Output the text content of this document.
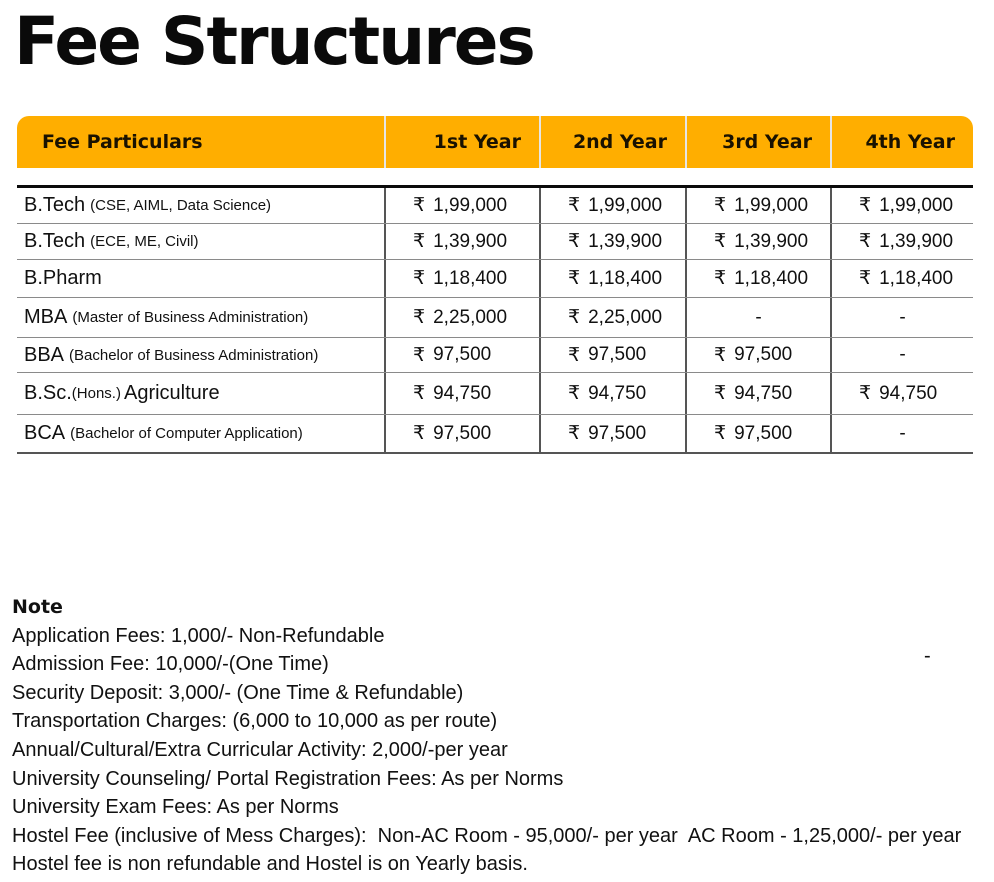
Fee Structures
Fee Particulars	1st Year	2nd Year	3rd Year	4th Year
B.Tech (CSE, AIML, Data Science)	₹ 1,99,000	₹ 1,99,000	₹ 1,99,000	₹ 1,99,000
B.Tech (ECE, ME, Civil)	₹ 1,39,900	₹ 1,39,900	₹ 1,39,900	₹ 1,39,900
B.Pharm	₹ 1,18,400	₹ 1,18,400	₹ 1,18,400	₹ 1,18,400
MBA (Master of Business Administration)	₹ 2,25,000	₹ 2,25,000	-	-
BBA (Bachelor of Business Administration)	₹ 97,500	₹ 97,500	₹ 97,500	-
B.Sc. (Hons.) Agriculture	₹ 94,750	₹ 94,750	₹ 94,750	₹ 94,750
BCA (Bachelor of Computer Application)	₹ 97,500	₹ 97,500	₹ 97,500	-
Note
Application Fees: 1,000/- Non-Refundable
Admission Fee: 10,000/-(One Time)
Security Deposit: 3,000/- (One Time & Refundable)
Transportation Charges: (6,000 to 10,000 as per route)
Annual/Cultural/Extra Curricular Activity: 2,000/-per year
University Counseling/ Portal Registration Fees: As per Norms
University Exam Fees: As per Norms
Hostel Fee (inclusive of Mess Charges):  Non-AC Room - 95,000/- per year  AC Room - 1,25,000/- per year
Hostel fee is non refundable and Hostel is on Yearly basis.
-
